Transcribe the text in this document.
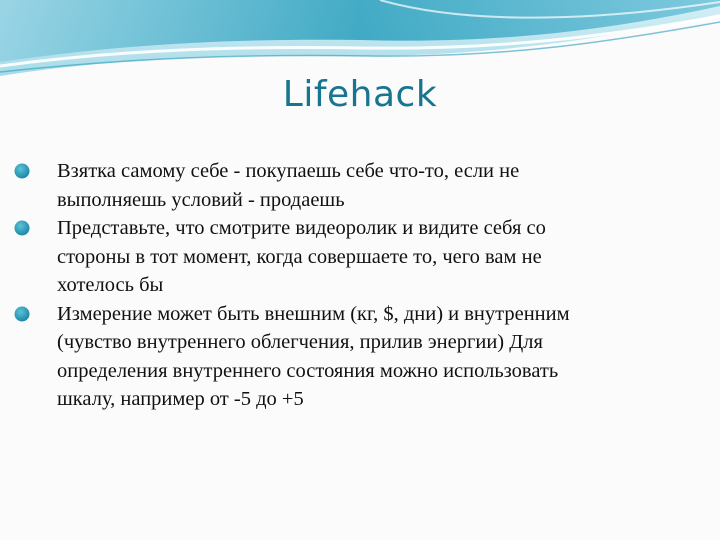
Lifehack
Взятка самому себе - покупаешь себе что-то, если не
выполняешь условий - продаешь
Представьте, что смотрите видеоролик и видите себя со
стороны в тот момент, когда совершаете то, чего вам не
хотелось бы
Измерение может быть внешним (кг, $, дни) и внутренним
(чувство внутреннего облегчения, прилив энергии) Для
определения внутреннего состояния можно использовать
шкалу, например от -5 до +5
